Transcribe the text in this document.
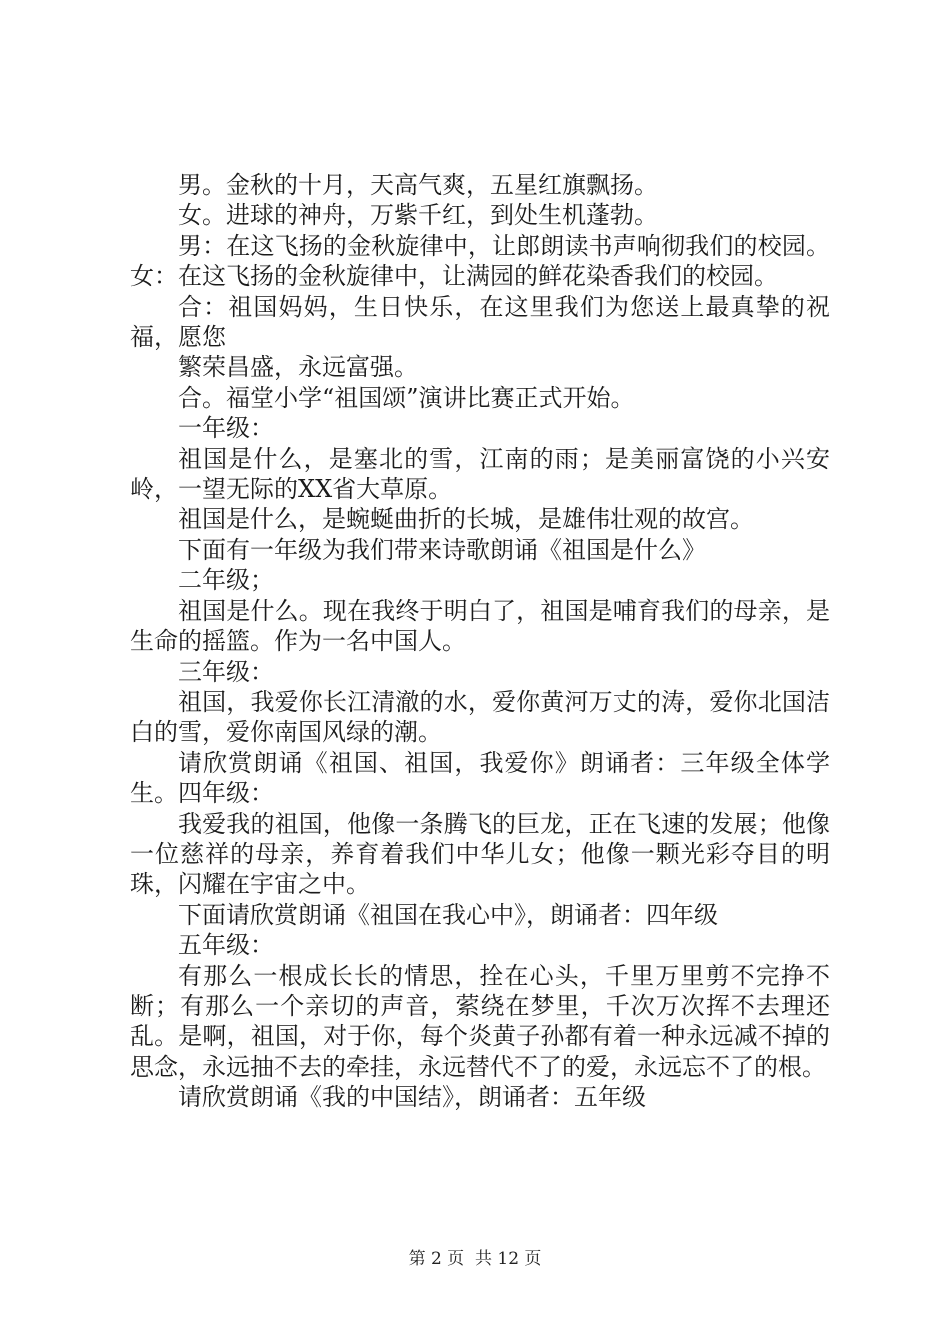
男。金秋的十月，天高气爽，五星红旗飘扬。

女。进球的神舟，万紫千红，到处生机蓬勃。

男：在这飞扬的金秋旋律中，让郎朗读书声响彻我们的校园。女：在这飞扬的金秋旋律中，让满园的鲜花染香我们的校园。

合：祖国妈妈，生日快乐，在这里我们为您送上最真挚的祝福，愿您

繁荣昌盛，永远富强。

合。福堂小学“祖国颂”演讲比赛正式开始。

一年级：

祖国是什么，是塞北的雪，江南的雨；是美丽富饶的小兴安岭，一望无际的XX省大草原。

祖国是什么，是蜿蜒曲折的长城，是雄伟壮观的故宫。

下面有一年级为我们带来诗歌朗诵《祖国是什么》

二年级；

祖国是什么。现在我终于明白了，祖国是哺育我们的母亲，是生命的摇篮。作为一名中国人。

三年级：

祖国，我爱你长江清澈的水，爱你黄河万丈的涛，爱你北国洁白的雪，爱你南国风绿的潮。

请欣赏朗诵《祖国、祖国，我爱你》朗诵者：三年级全体学生。四年级：

我爱我的祖国，他像一条腾飞的巨龙，正在飞速的发展；他像一位慈祥的母亲，养育着我们中华儿女；他像一颗光彩夺目的明珠，闪耀在宇宙之中。

下面请欣赏朗诵《祖国在我心中》，朗诵者：四年级

五年级：

有那么一根成长长的情思，拴在心头，千里万里剪不完挣不断；有那么一个亲切的声音，萦绕在梦里，千次万次挥不去理还乱。是啊，祖国，对于你，每个炎黄子孙都有着一种永远减不掉的思念，永远抽不去的牵挂，永远替代不了的爱，永远忘不了的根。

请欣赏朗诵《我的中国结》，朗诵者：五年级

第 2 页  共 12 页
